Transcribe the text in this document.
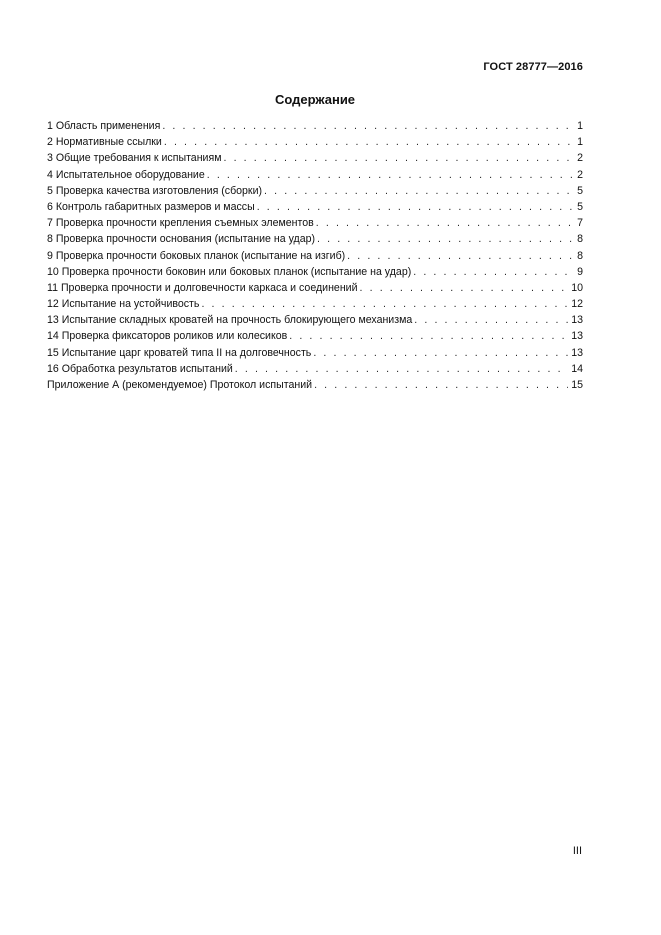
ГОСТ 28777—2016
Содержание
1 Область применения . . .	1
2 Нормативные ссылки . . .	1
3 Общие требования к испытаниям . . .	2
4 Испытательное оборудование . . .	2
5 Проверка качества изготовления (сборки) . . .	5
6 Контроль габаритных размеров и массы . . .	5
7 Проверка прочности крепления съемных элементов . . .	7
8 Проверка прочности основания (испытание на удар) . . .	8
9 Проверка прочности боковых планок (испытание на изгиб) . . .	8
10 Проверка прочности боковин или боковых планок (испытание на удар) . . .	9
11 Проверка прочности и долговечности каркаса и соединений . . .	10
12 Испытание на устойчивость . . .	12
13 Испытание складных кроватей на прочность блокирующего механизма . . .	13
14 Проверка фиксаторов роликов или колесиков . . .	13
15 Испытание царг кроватей типа II на долговечность . . .	13
16 Обработка результатов испытаний . . .	14
Приложение А (рекомендуемое) Протокол испытаний . . .	15
III
